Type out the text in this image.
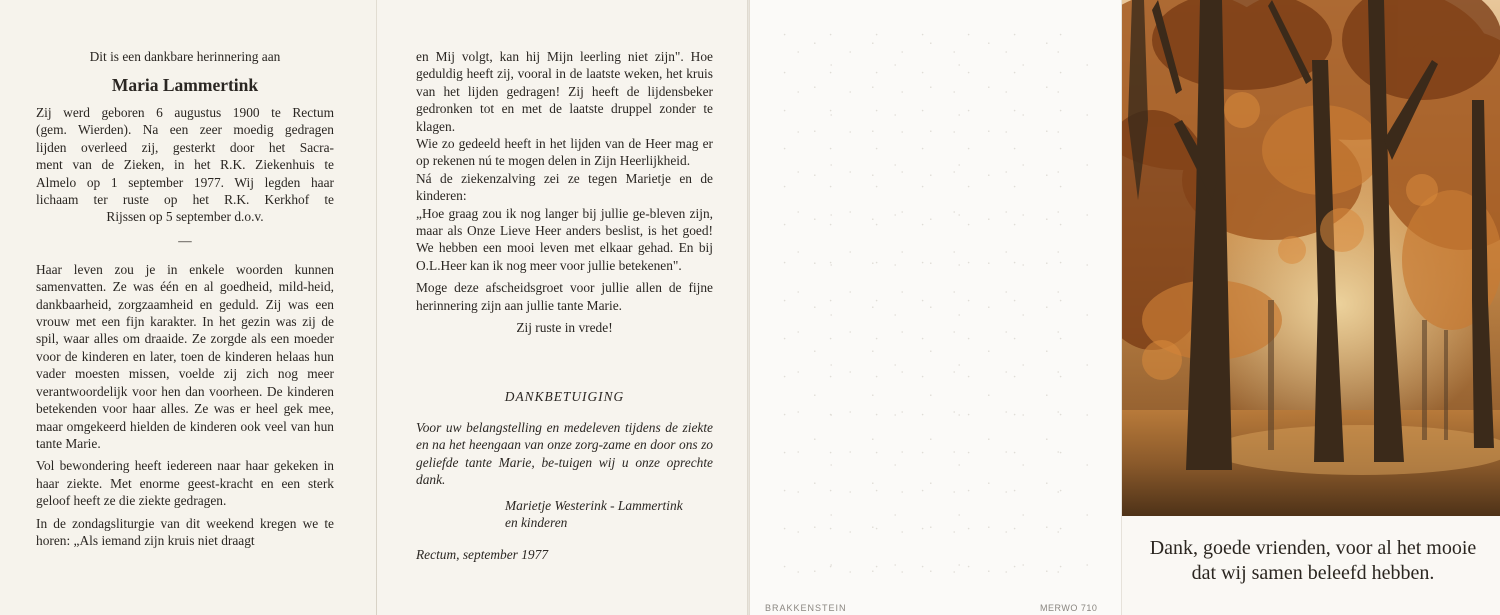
Dit is een dankbare herinnering aan
Maria Lammertink
Zij werd geboren 6 augustus 1900 te Rectum
(gem. Wierden). Na een zeer moedig gedragen
lijden overleed zij, gesterkt door het Sacra-
ment van de Zieken, in het R.K. Ziekenhuis te
Almelo op 1 september 1977. Wij legden haar
lichaam ter ruste op het R.K. Kerkhof te
Rijssen op 5 september d.o.v.
—

Haar leven zou je in enkele woorden kunnen samenvatten. Ze was één en al goedheid, mild-heid, dankbaarheid, zorgzaamheid en geduld. Zij was een vrouw met een fijn karakter. In het gezin was zij de spil, waar alles om draaide. Ze zorgde als een moeder voor de kinderen en later, toen de kinderen helaas hun vader moesten missen, voelde zij zich nog meer verantwoordelijk voor hen dan voorheen. De kinderen betekenden voor haar alles. Ze was er heel gek mee, maar omgekeerd hielden de kinderen ook veel van hun tante Marie.

Vol bewondering heeft iedereen naar haar gekeken in haar ziekte. Met enorme geest-kracht en een sterk geloof heeft ze die ziekte gedragen.

In de zondagsliturgie van dit weekend kregen we te horen: „Als iemand zijn kruis niet draagt

en Mij volgt, kan hij Mijn leerling niet zijn". Hoe geduldig heeft zij, vooral in de laatste weken, het kruis van het lijden gedragen! Zij heeft de lijdensbeker gedronken tot en met de laatste druppel zonder te klagen.

Wie zo gedeeld heeft in het lijden van de Heer mag er op rekenen nú te mogen delen in Zijn Heerlijkheid.

Ná de ziekenzalving zei ze tegen Marietje en de kinderen:

„Hoe graag zou ik nog langer bij jullie ge-bleven zijn, maar als Onze Lieve Heer anders beslist, is het goed! We hebben een mooi leven met elkaar gehad. En bij O.L.Heer kan ik nog meer voor jullie betekenen".

Moge deze afscheidsgroet voor jullie allen de fijne herinnering zijn aan jullie tante Marie.

Zij ruste in vrede!

DANKBETUIGING
Voor uw belangstelling en medeleven tijdens de ziekte en na het heengaan van onze zorg-zame en door ons zo geliefde tante Marie, be-tuigen wij u onze oprechte dank.
Marietje Westerink - Lammertink
en kinderen
Rectum, september 1977
BRAKKENSTEIN	MERWO 710
Dank, goede vrienden, voor al het mooie
dat wij samen beleefd hebben.
